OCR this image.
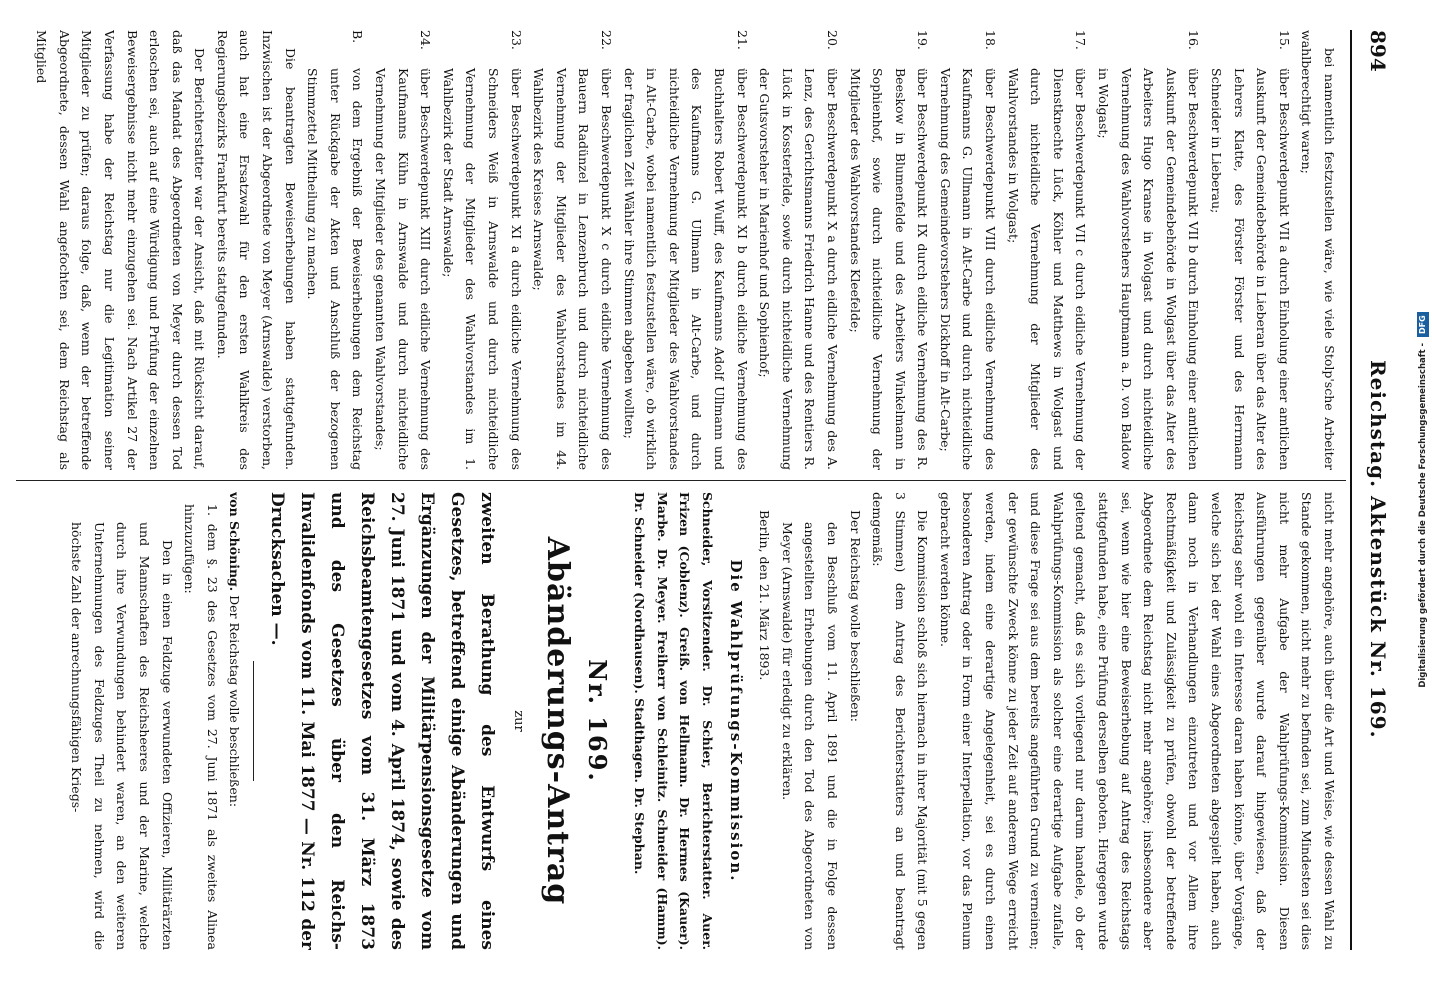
894
Reichstag. Aktenstück Nr. 169.

bei namentlich festzustellen wäre, wie viele Stolp'sche Arbeiter wahlberechtigt waren;

15.
über Beschwerdepunkt VII a durch Einholung einer amtlichen Auskunft der Gemeindebehörde in Lieberan über das Alter des Lehrers Klatte, des Förster Förster und des Herrmann Schneider in Lieberau;
16.
über Beschwerdepunkt VII b durch Einholung einer amtlichen Auskunft der Gemeindebehörde in Wolgast über das Alter des Arbeiters Hugo Kranse in Wolgast und durch nichteidliche Vernehmung des Wahlvorstehers Hauptmann a. D. von Baldow in Wolgast;
17.
über Beschwerdepunkt VII c durch eidliche Vernehmung der Dienstknechte Lück, Köhler und Matthews in Wolgast und durch nichteidliche Vernehmung der Mitglieder des Wahlvorstandes in Wolgast;
18.
über Beschwerdepunkt VIII durch eidliche Vernehmung des Kaufmanns G. Ullmann in Alt-Carbe und durch nichteidliche Vernehmung des Gemeindevorstehers Dickhoff in Alt-Carbe;
19.
über Beschwerdepunkt IX durch eidliche Vernehmung des R. Beeskow in Blumenfelde und des Arbeiters Winkelmann in Sophienhof, sowie durch nichteidliche Vernehmung der Mitglieder des Wahlvorstandes Kleefelde;
20.
über Beschwerdepunkt X a durch eidliche Vernehmung des A. Lenz, des Gerichtsmanns Friedrich Hanne und des Rentiers R. Lück in Kossterfelde, sowie durch nichteidliche Vernehmung der Gutsvorsteher in Marienhof und Sophienhof;
21.
über Beschwerdepunkt XI b durch eidliche Vernehmung des Buchhalters Robert Wulff, des Kaufmanns Adolf Ullmann und des Kaufmanns G. Ullmann in Alt-Carbe, und durch nichteidliche Vernehmung der Mitglieder des Wahlvorstandes in Alt-Carbe, wobei namentlich festzustellen wäre, ob wirklich der fraglichen Zeit Wähler ihre Stimmen abgeben wollten;
22.
über Beschwerdepunkt X c durch eidliche Vernehmung des Bauern Radünzel in Lenzenbruch und durch nichteidliche Vernehmung der Mitglieder des Wahlvorstandes im 44. Wahlbezirk des Kreises Arnswalde;
23.
über Beschwerdepunkt XI a durch eidliche Vernehmung des Schneiders Weiß in Arnswalde und durch nichteidliche Vernehmung der Mitglieder des Wahlvorstandes im 1. Wahlbezirk der Stadt Arnswalde;
24.
über Beschwerdepunkt XIII durch eidliche Vernehmung des Kaufmanns Kühn in Arnswalde und durch nichteidliche Vernehmung der Mitglieder des genannten Wahlvorstandes;
B.
von dem Ergebniß der Beweiserhebungen dem Reichstag unter Rückgabe der Akten und Anschluß der bezogenen Stimmzettel Mittheilung zu machen.

Die beantragten Beweiserhebungen haben stattgefunden. Inzwischen ist der Abgeordnete von Meyer (Arnswalde) verstorben, auch hat eine Ersatzwahl für den ersten Wahlkreis des Regierungsbezirks Frankfurt bereits stattgefunden.

Der Berichterstatter war der Ansicht, daß mit Rücksicht darauf, daß das Mandat des Abgeordneten von Meyer durch dessen Tod erloschen sei, auch auf eine Würdigung und Prüfung der einzelnen Beweisergebnisse nicht mehr einzugehen sei. Nach Artikel 27 der Verfassung habe der Reichstag nur die Legitimation seiner Mitglieder zu prüfen; daraus folge, daß, wenn der betreffende Abgeordnete, dessen Wahl angefochten sei, dem Reichstag als Mitglied

nicht mehr angehöre, auch über die Art und Weise, wie dessen Wahl zu Stande gekommen, nicht mehr zu befinden sei, zum Mindesten sei dies nicht mehr Aufgabe der Wahlprüfungs-Kommission. Diesen Ausführungen gegenüber wurde darauf hingewiesen, daß der Reichstag sehr wohl ein Interesse daran haben könne, über Vorgänge, welche sich bei der Wahl eines Abgeordneten abgespielt haben, auch dann noch in Verhandlungen einzutreten und vor Allem ihre Rechtmäßigkeit und Zulässigkeit zu prüfen, obwohl der betreffende Abgeordnete dem Reichstag nicht mehr angehöre; insbesondere aber sei, wenn wie hier eine Beweiserhebung auf Antrag des Reichstags stattgefunden habe, eine Prüfung derselben geboten. Hiergegen wurde geltend gemacht, daß es sich vorliegend nur darum handele, ob der Wahlprüfungs-Kommission als solcher eine derartige Aufgabe zufalle, und diese Frage sei aus dem bereits angeführten Grund zu verneinen; der gewünschte Zweck könne zu jeder Zeit auf anderem Wege erreicht werden, indem eine derartige Angelegenheit, sei es durch einen besonderen Antrag oder in Form einer Interpellation, vor das Plenum gebracht werden könne.

Die Kommission schloß sich hiernach in ihrer Majorität (mit 5 gegen 3 Stimmen) dem Antrag des Berichterstatters an und beantragt demgemäß:

Der Reichstag wolle beschließen:

den Beschluß vom 11. April 1891 und die in Folge dessen angestellten Erhebungen durch den Tod des Abgeordneten von Meyer (Arnswalde) für erledigt zu erklären.

Berlin, den 21. März 1893.

Die Wahlprüfungs-Kommission.

Schneider, Vorsitzender. Dr. Schier, Berichterstatter. Auer. Frizen (Coblenz). Greiß. von Hellmann. Dr. Hermes (Kauer). Marbe. Dr. Meyer. Freiherr von Schleinitz. Schneider (Hamm). Dr. Schneider (Nordhausen). Stadthagen. Dr. Stephan.

Nr. 169.
Abänderungs-Antrag
zur

zweiten Berathung des Entwurfs eines Gesetzes, betreffend einige Abänderungen und Ergänzungen der Militärpensionsgesetze vom 27. Juni 1871 und vom 4. April 1874, sowie des Reichsbeamtengesetzes vom 31. März 1873 und des Gesetzes über den Reichs-Invalidenfonds vom 11. Mai 1877 — Nr. 112 der Drucksachen —.

von Schöning. Der Reichstag wolle beschließen:

1. dem §. 23 des Gesetzes vom 27. Juni 1871 als zweites Alinea hinzuzufügen:

Den in einen Feldzuge verwundeten Offizieren, Militärärzten und Mannschaften des Reichsheeres und der Marine, welche durch ihre Verwundungen behindert waren, an den weiteren Unternehmungen des Feldzuges Theil zu nehmen, wird die höchste Zahl der anrechnungsfähigen Kriegs-	Digitalisierung gefördert durch die Deutsche Forschungsgemeinschaft - DFG
